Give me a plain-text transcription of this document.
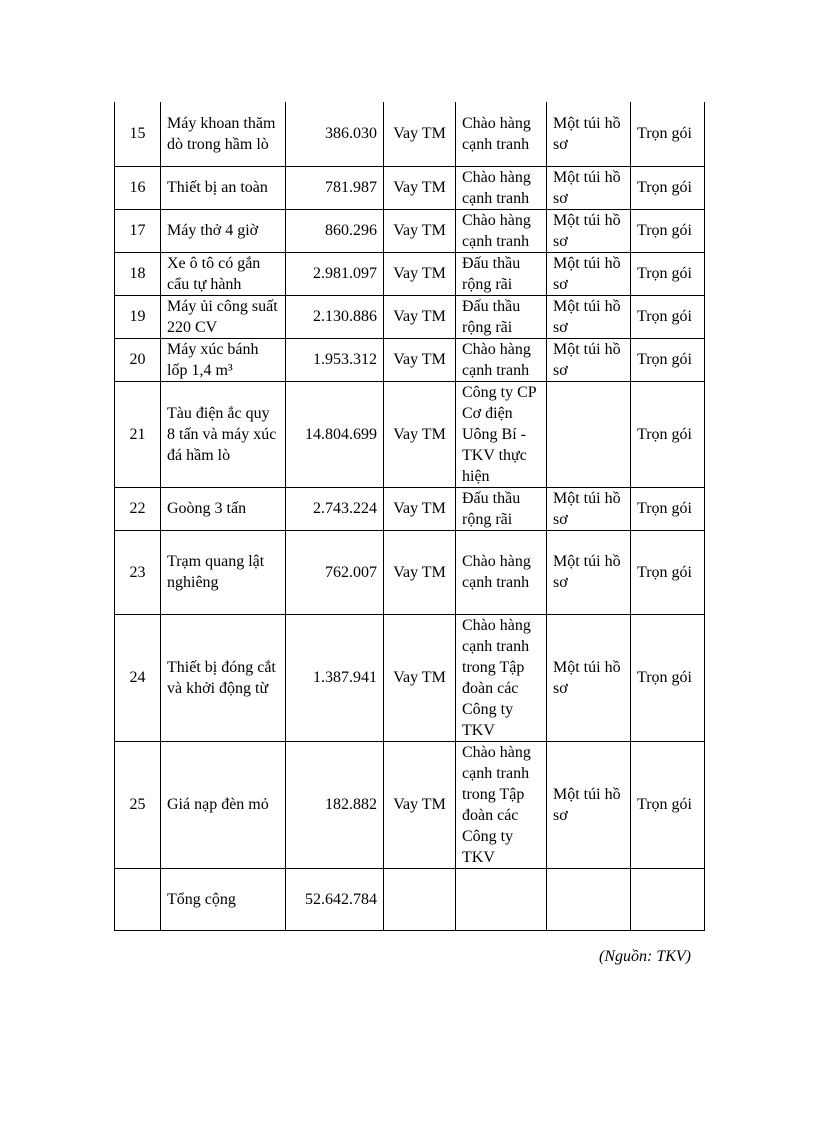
15	Máy khoan thăm dò trong hầm lò	386.030	Vay TM	Chào hàng cạnh tranh	Một túi hồ sơ	Trọn gói
16	Thiết bị an toàn	781.987	Vay TM	Chào hàng cạnh tranh	Một túi hồ sơ	Trọn gói
17	Máy thở 4 giờ	860.296	Vay TM	Chào hàng cạnh tranh	Một túi hồ sơ	Trọn gói
18	Xe ô tô có gắn cẩu tự hành	2.981.097	Vay TM	Đấu thầu rộng rãi	Một túi hồ sơ	Trọn gói
19	Máy ủi công suất 220 CV	2.130.886	Vay TM	Đấu thầu rộng rãi	Một túi hồ sơ	Trọn gói
20	Máy xúc bánh lốp 1,4 m³	1.953.312	Vay TM	Chào hàng cạnh tranh	Một túi hồ sơ	Trọn gói
21	Tàu điện ắc quy 8 tấn và máy xúc đá hầm lò	14.804.699	Vay TM	Công ty CP Cơ điện Uông Bí - TKV thực hiện		Trọn gói
22	Goòng 3 tấn	2.743.224	Vay TM	Đấu thầu rộng rãi	Một túi hồ sơ	Trọn gói
23	Trạm quang lật nghiêng	762.007	Vay TM	Chào hàng cạnh tranh	Một túi hồ sơ	Trọn gói
24	Thiết bị đóng cắt và khởi động từ	1.387.941	Vay TM	Chào hàng cạnh tranh trong Tập đoàn các Công ty TKV	Một túi hồ sơ	Trọn gói
25	Giá nạp đèn mỏ	182.882	Vay TM	Chào hàng cạnh tranh trong Tập đoàn các Công ty TKV	Một túi hồ sơ	Trọn gói
	Tổng cộng	52.642.784				
(Nguồn: TKV)
